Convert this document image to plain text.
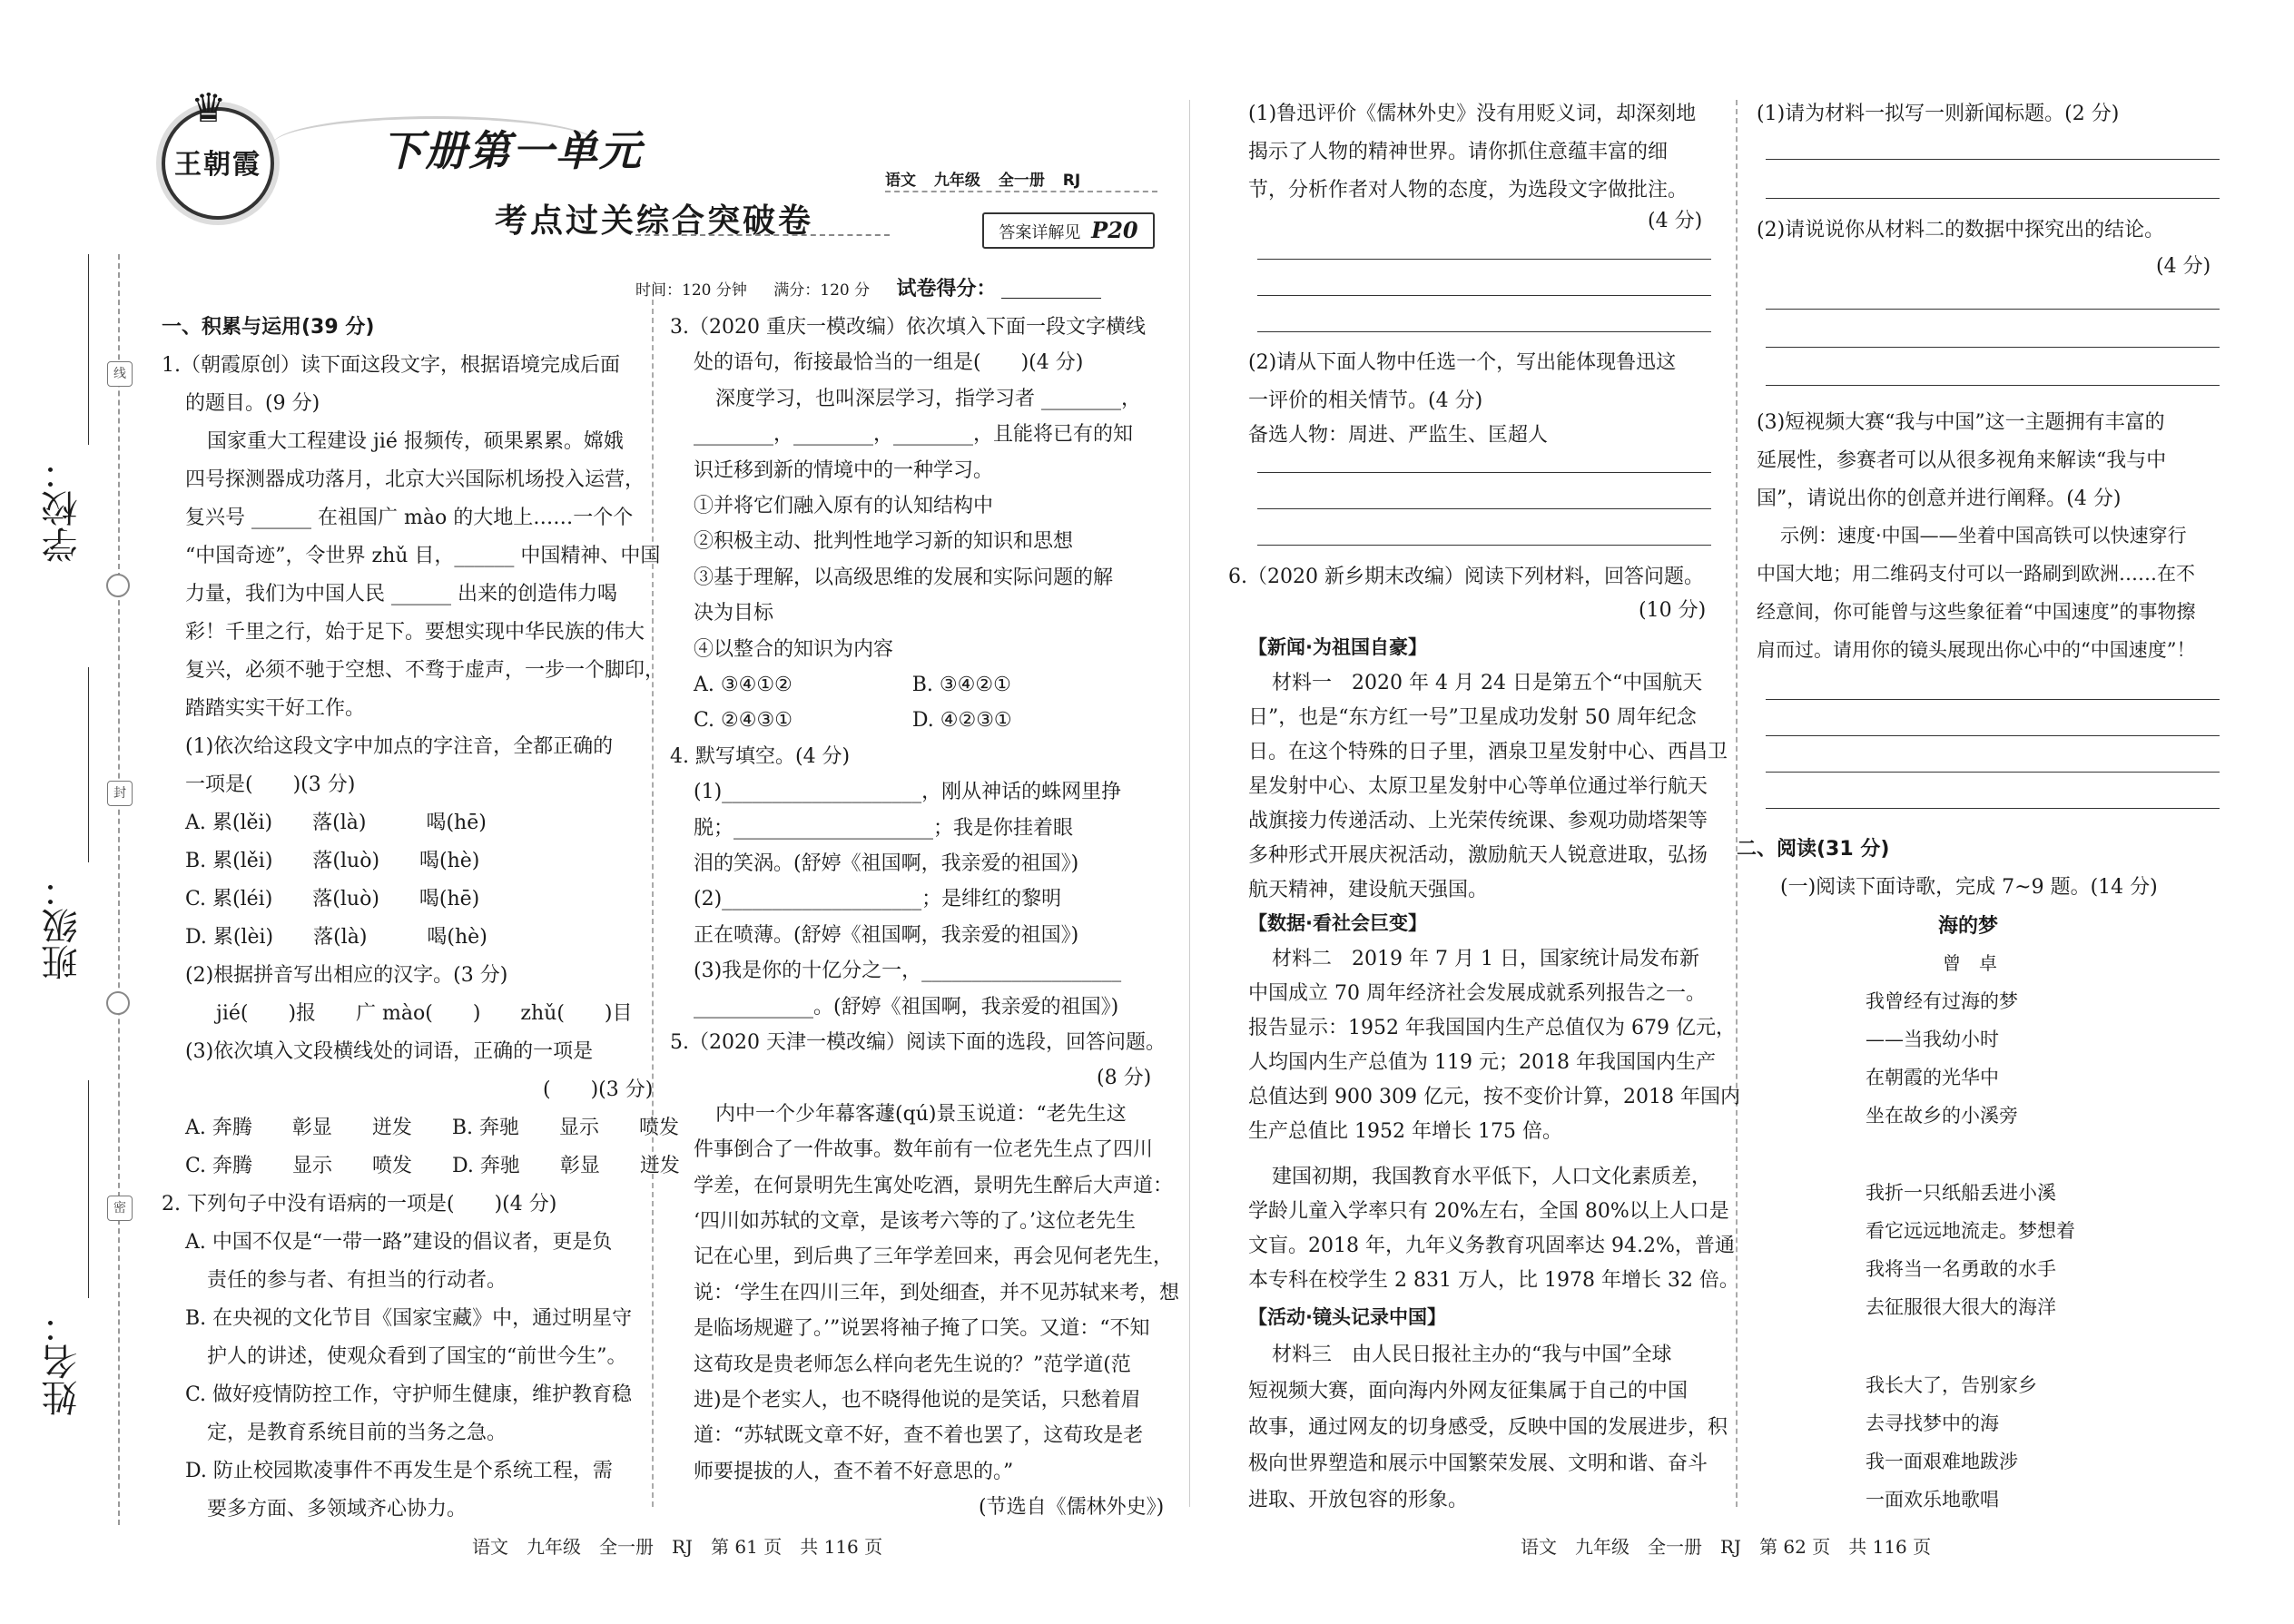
学校：
班级：
姓名：
线
封
密
王朝霞
♛
下册第一单元
考点过关综合突破卷
语文 九年级 全一册 RJ
答案详解见 P20
时间：120 分钟 满分：120 分 试卷得分：
一、积累与运用(39 分)
1.（朝霞原创）读下面这段文字，根据语境完成后面
的题目。(9 分)
国家重大工程建设 jié 报频传，硕果累累。嫦娥
四号探测器成功落月，北京大兴国际机场投入运营，
复兴号 ______ 在祖国广 mào 的大地上……一个个
“中国奇迹”，令世界 zhǔ 目，______ 中国精神、中国
力量，我们为中国人民 ______ 出来的创造伟力喝
彩！千里之行，始于足下。要想实现中华民族的伟大
复兴，必须不驰于空想、不骛于虚声，一步一个脚印，
踏踏实实干好工作。
(1)依次给这段文字中加点的字注音，全都正确的
一项是(　　)(3 分)
A. 累(lěi)　　落(là)　　　喝(hē)
B. 累(lěi)　　落(luò)　　喝(hè)
C. 累(léi)　　落(luò)　　喝(hē)
D. 累(lèi)　　落(là)　　　喝(hè)
(2)根据拼音写出相应的汉字。(3 分)
jié(　　)报　　广 mào(　　)　　zhǔ(　　)目
(3)依次填入文段横线处的词语，正确的一项是
(　　)(3 分)
A. 奔腾　　彰显　　迸发　　B. 奔驰　　显示　　喷发
C. 奔腾　　显示　　喷发　　D. 奔驰　　彰显　　迸发
2. 下列句子中没有语病的一项是(　　)(4 分)
A. 中国不仅是“一带一路”建设的倡议者，更是负
责任的参与者、有担当的行动者。
B. 在央视的文化节目《国家宝藏》中，通过明星守
护人的讲述，使观众看到了国宝的“前世今生”。
C. 做好疫情防控工作，守护师生健康，维护教育稳
定，是教育系统目前的当务之急。
D. 防止校园欺凌事件不再发生是个系统工程，需
要多方面、多领域齐心协力。
3.（2020 重庆一模改编）依次填入下面一段文字横线
处的语句，衔接最恰当的一组是(　　)(4 分)
深度学习，也叫深层学习，指学习者 ________，
________，________，________，且能将已有的知
识迁移到新的情境中的一种学习。
①并将它们融入原有的认知结构中
②积极主动、批判性地学习新的知识和思想
③基于理解，以高级思维的发展和实际问题的解
决为目标
④以整合的知识为内容
A. ③④①②　　　　　　B. ③④②①
C. ②④③①　　　　　　D. ④②③①
4. 默写填空。(4 分)
(1)____________________，刚从神话的蛛网里挣
脱；____________________；我是你挂着眼
泪的笑涡。(舒婷《祖国啊，我亲爱的祖国》)
(2)____________________；是绯红的黎明
正在喷薄。(舒婷《祖国啊，我亲爱的祖国》)
(3)我是你的十亿分之一，____________________
____________。(舒婷《祖国啊，我亲爱的祖国》)
5.（2020 天津一模改编）阅读下面的选段，回答问题。
(8 分)
内中一个少年幕客蘧(qú)景玉说道：“老先生这
件事倒合了一件故事。数年前有一位老先生点了四川
学差，在何景明先生寓处吃酒，景明先生醉后大声道：
‘四川如苏轼的文章，是该考六等的了。’这位老先生
记在心里，到后典了三年学差回来，再会见何老先生，
说：‘学生在四川三年，到处细查，并不见苏轼来考，想
是临场规避了。’”说罢将袖子掩了口笑。又道：“不知
这荀玫是贵老师怎么样向老先生说的？”范学道(范
进)是个老实人，也不晓得他说的是笑话，只愁着眉
道：“苏轼既文章不好，查不着也罢了，这荀玫是老
师要提拔的人，查不着不好意思的。”
(节选自《儒林外史》)
(1)鲁迅评价《儒林外史》没有用贬义词，却深刻地
揭示了人物的精神世界。请你抓住意蕴丰富的细
节，分析作者对人物的态度，为选段文字做批注。
(4 分)
(2)请从下面人物中任选一个，写出能体现鲁迅这
一评价的相关情节。(4 分)
备选人物：周进、严监生、匡超人
6.（2020 新乡期末改编）阅读下列材料，回答问题。
(10 分)
【新闻·为祖国自豪】
材料一　2020 年 4 月 24 日是第五个“中国航天
日”，也是“东方红一号”卫星成功发射 50 周年纪念
日。在这个特殊的日子里，酒泉卫星发射中心、西昌卫
星发射中心、太原卫星发射中心等单位通过举行航天
战旗接力传递活动、上光荣传统课、参观功勋塔架等
多种形式开展庆祝活动，激励航天人锐意进取，弘扬
航天精神，建设航天强国。
【数据·看社会巨变】
材料二　2019 年 7 月 1 日，国家统计局发布新
中国成立 70 周年经济社会发展成就系列报告之一。
报告显示：1952 年我国国内生产总值仅为 679 亿元，
人均国内生产总值为 119 元；2018 年我国国内生产
总值达到 900 309 亿元，按不变价计算，2018 年国内
生产总值比 1952 年增长 175 倍。
建国初期，我国教育水平低下，人口文化素质差，
学龄儿童入学率只有 20%左右，全国 80%以上人口是
文盲。2018 年，九年义务教育巩固率达 94.2%，普通
本专科在校学生 2 831 万人，比 1978 年增长 32 倍。
【活动·镜头记录中国】
材料三　由人民日报社主办的“我与中国”全球
短视频大赛，面向海内外网友征集属于自己的中国
故事，通过网友的切身感受，反映中国的发展进步，积
极向世界塑造和展示中国繁荣发展、文明和谐、奋斗
进取、开放包容的形象。
(1)请为材料一拟写一则新闻标题。(2 分)
(2)请说说你从材料二的数据中探究出的结论。
(4 分)
(3)短视频大赛“我与中国”这一主题拥有丰富的
延展性，参赛者可以从很多视角来解读“我与中
国”，请说出你的创意并进行阐释。(4 分)
示例：速度·中国——坐着中国高铁可以快速穿行
中国大地；用二维码支付可以一路刷到欧洲……在不
经意间，你可能曾与这些象征着“中国速度”的事物擦
肩而过。请用你的镜头展现出你心中的“中国速度”！
二、阅读(31 分)
(一)阅读下面诗歌，完成 7~9 题。(14 分)
海的梦
曾　卓
我曾经有过海的梦
——当我幼小时
在朝霞的光华中
坐在故乡的小溪旁
我折一只纸船丢进小溪
看它远远地流走。梦想着
我将当一名勇敢的水手
去征服很大很大的海洋
我长大了，告别家乡
去寻找梦中的海
我一面艰难地跋涉
一面欢乐地歌唱
语文　九年级　全一册　RJ　第 61 页　共 116 页	语文　九年级　全一册　RJ　第 62 页　共 116 页
